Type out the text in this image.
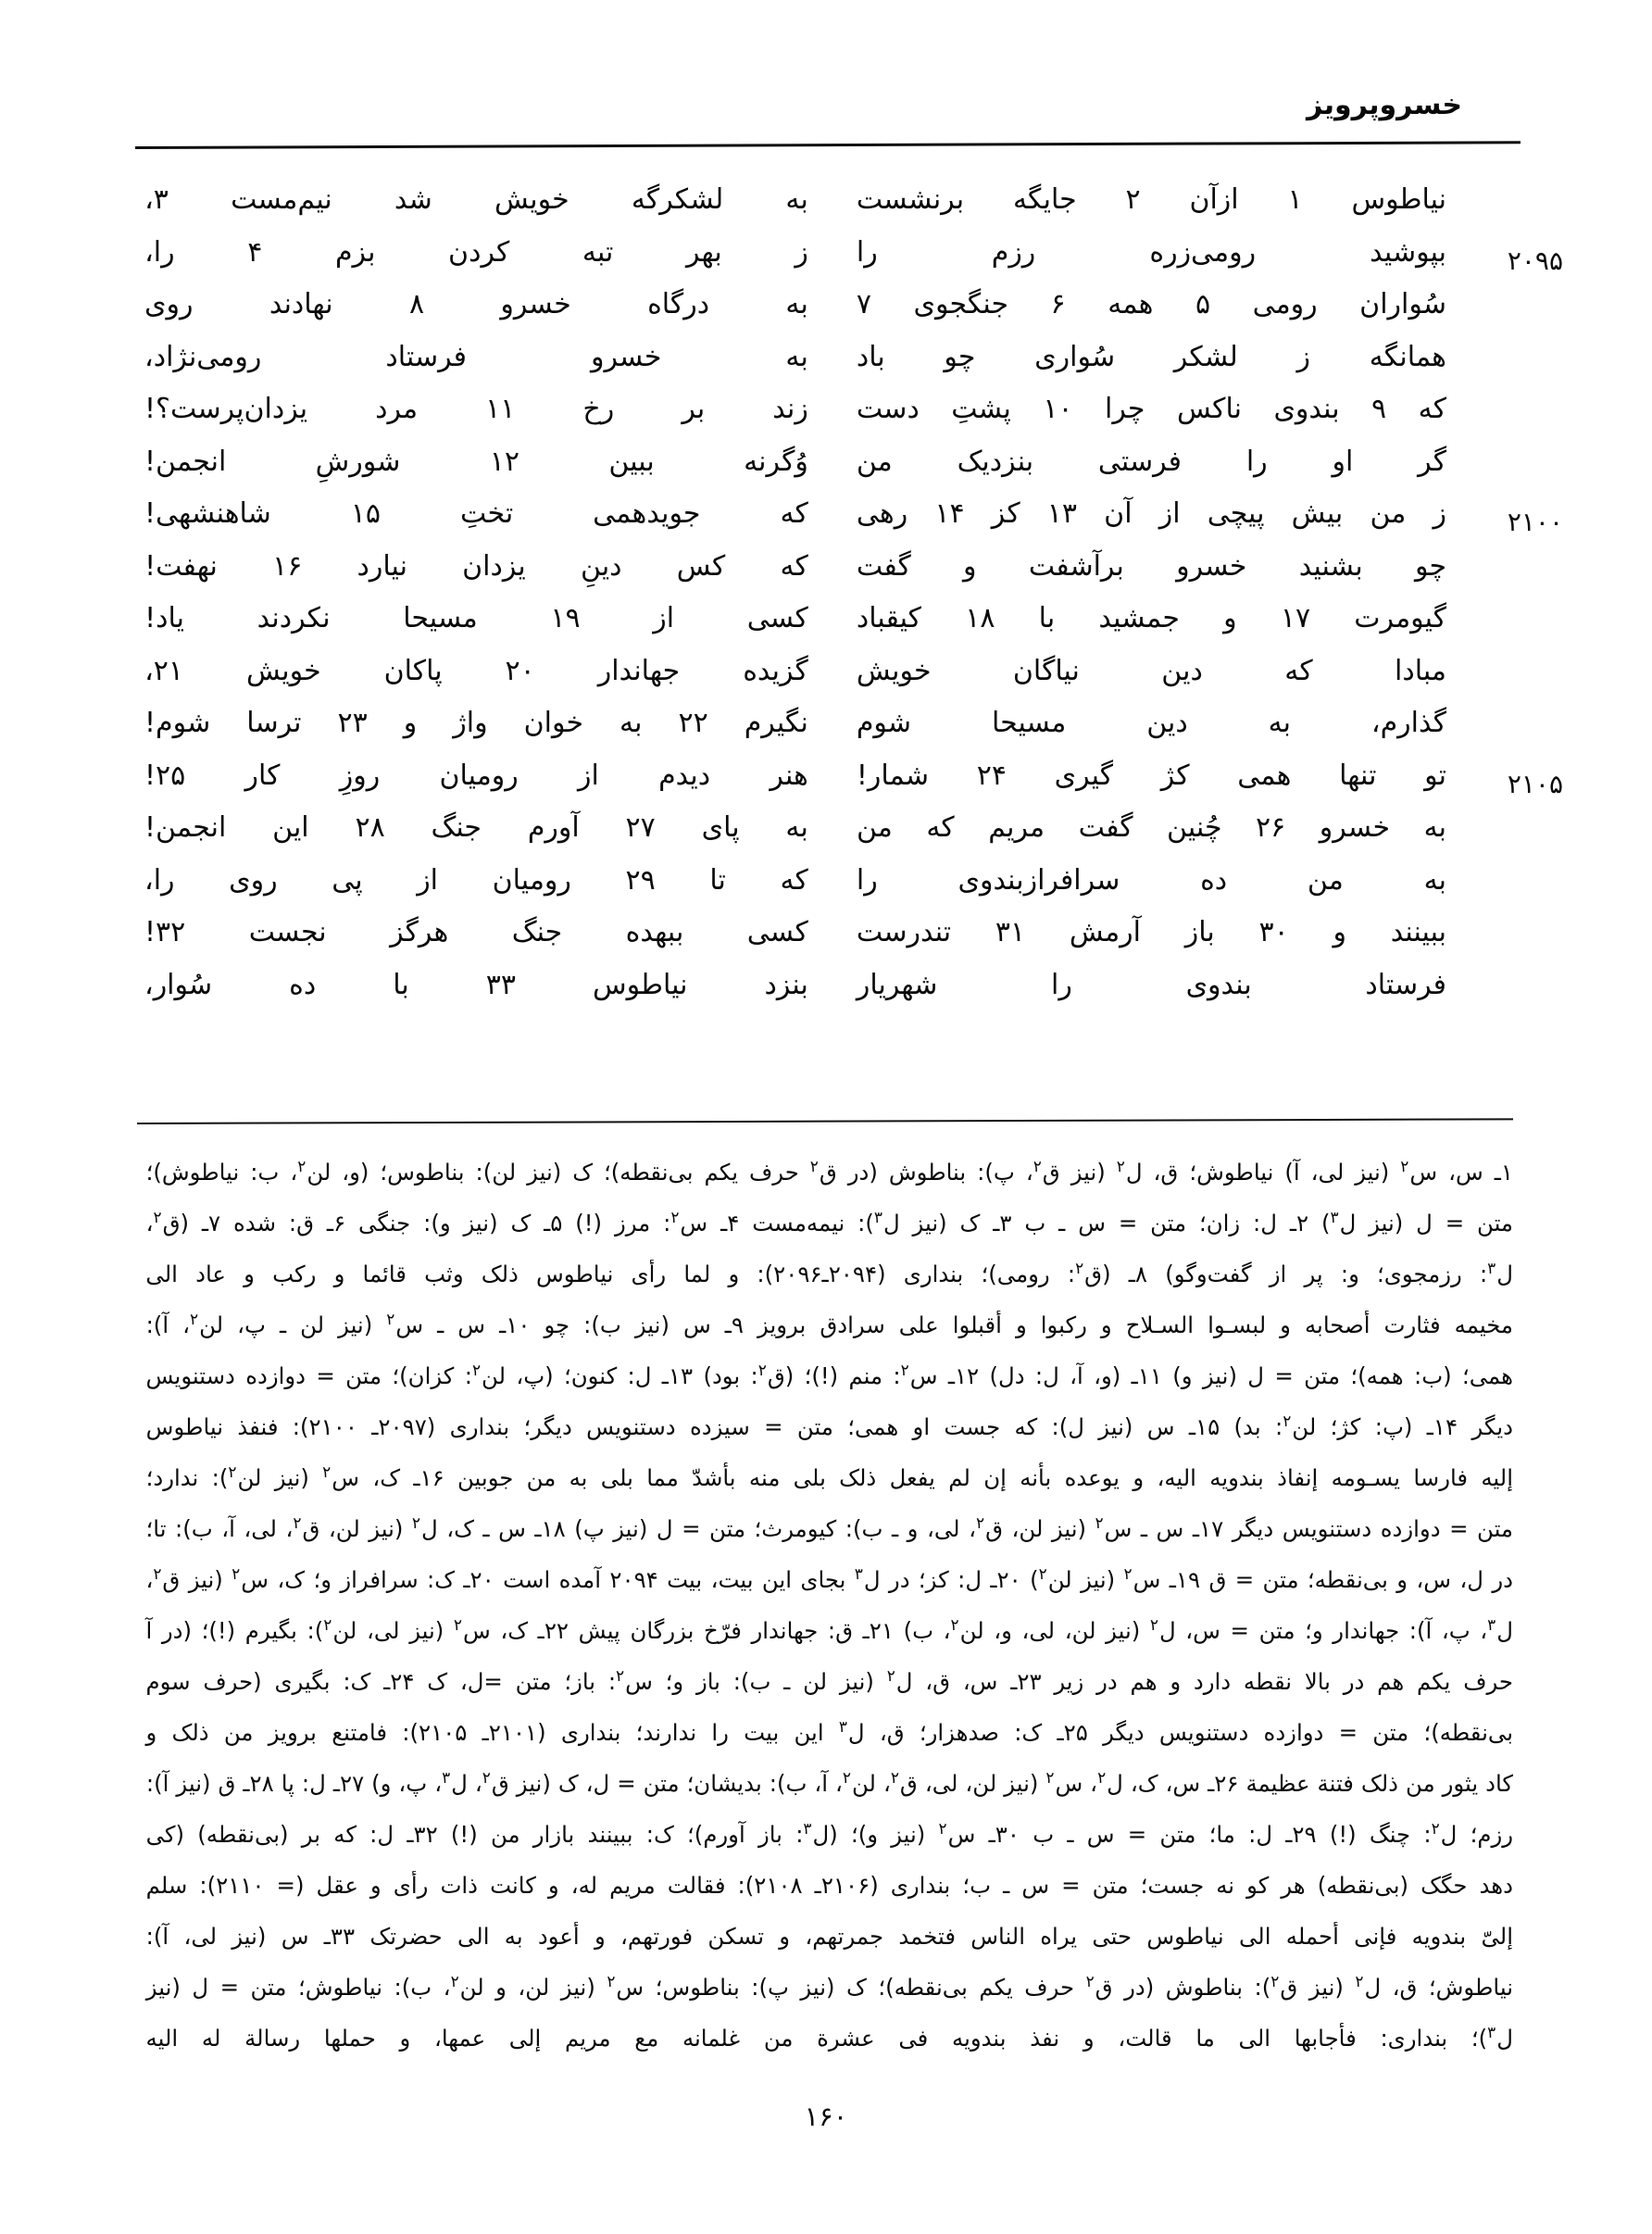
خسروپرویز
نیاطوس
۱
ازآن
۲
جایگه
برنشست
به
لشکرگه
خویش
شد
نیم‌مست
۳،
۲۰۹۵
بپوشید
رومی‌زره
رزم
را
ز
بهر
تبه
کردن
بزم
۴
را،
سُواران
رومی
۵
همه
۶
جنگجوی
۷
به
درگاه
خسرو
۸
نهادند
روی
همانگه
ز
لشکر
سُواری
چو
باد
به
خسرو
فرستاد
رومی‌نژاد،
که
۹
بندوی
ناکس
چرا
۱۰
پشتِ
دست
زند
بر
رخ
۱۱
مرد
یزدان‌پرست؟!
گر
او
را
فرستی
بنزدیک
من
وُگرنه
ببین
۱۲
شورشِ
انجمن!
۲۱۰۰
ز
من
بیش
پیچی
از
آن
۱۳
کز
۱۴
رهی
که
جویدهمی
تختِ
۱۵
شاهنشهی!
چو
بشنید
خسرو
برآشفت
و
گفت
که
کس
دینِ
یزدان
نیارد
۱۶
نهفت!
گیومرت
۱۷
و
جمشید
با
۱۸
کیقباد
کسی
از
۱۹
مسیحا
نکردند
یاد!
مبادا
که
دین
نیاگان
خویش
گزیده
جهاندار
۲۰
پاکان
خویش
۲۱،
گذارم،
به
دین
مسیحا
شوم
نگیرم
۲۲
به
خوان
واژ
و
۲۳
ترسا
شوم!
۲۱۰۵
تو
تنها
همی
کژ
گیری
۲۴
شمار!
هنر
دیدم
از
رومیان
روزِ
کار
۲۵!
به
خسرو
۲۶
چُنین
گفت
مریم
که
من
به
پای
۲۷
آورم
جنگ
۲۸
این
انجمن!
به
من
ده
سرافرازبندوی
را
که
تا
۲۹
رومیان
از
پی
روی
را،
ببینند
و
۳۰
باز
آرمش
۳۱
تندرست
کسی
ببهده
جنگ
هرگز
نجست
۳۲!
فرستاد
بندوی
را
شهریار
بنزد
نیاطوس
۳۳
با
ده
سُوار،
۱ـ
س،
س$^۲$
(نیز
لی،
آ)
نیاطوش؛
ق،
ل$^۲$
(نیز
ق$^۲$،
پ):
بناطوش
(در
ق$^۲$
حرف
یکم
بی‌نقطه)؛
ک
(نیز
لن):
بناطوس؛
(و،
لن$^۲$،
ب:
نیاطوش)؛
متن
=
ل
(نیز
ل$^۳$)
۲ـ
ل:
زان؛
متن
=
س
ـ
ب
۳ـ
ک
(نیز
ل$^۳$):
نیمه‌مست
۴ـ
س$^۲$:
مرز
(!)
۵ـ
ک
(نیز
و):
جنگی
۶ـ
ق:
شده
۷ـ
(ق$^۲$،
ل$^۳$:
رزمجوی؛
و:
پر
از
گفت‌وگو)
۸ـ
(ق$^۲$:
رومی)؛
بنداری
(۲۰۹۴ـ۲۰۹۶):
و
لما
رأی
نیاطوس
ذلک
وثب
قائما
و
رکب
و
عاد
الی
مخیمه
فثارت
أصحابه
و
لبسـوا
السـلاح
و
رکبوا
و
أقبلوا
علی
سرادق
برویز
۹ـ
س
(نیز
ب):
چو
۱۰ـ
س
ـ
س$^۲$
(نیز
لن
ـ
پ،
لن$^۲$،
آ):
همی؛
(ب:
همه)؛
متن
=
ل
(نیز
و)
۱۱ـ
(و،
آ،
ل:
دل)
۱۲ـ
س$^۲$:
منم
(!)؛
(ق$^۲$:
بود)
۱۳ـ
ل:
کنون؛
(پ،
لن$^۲$:
کزان)؛
متن
=
دوازده
دستنویس
دیگر
۱۴ـ
(پ:
کژ؛
لن$^۲$:
بد)
۱۵ـ
س
(نیز
ل):
که
جست
او
همی؛
متن
=
سیزده
دستنویس
دیگر؛
بنداری
(۲۰۹۷ـ
۲۱۰۰):
فنفذ
نیاطوس
إلیه
فارسا
یسـومه
إنفاذ
بندویه
الیه،
و
یوعده
بأنه
إن
لم
یفعل
ذلک
بلی
منه
بأشدّ
مما
بلی
به
من
جوبین
۱۶ـ
ک،
س$^۲$
(نیز
لن$^۲$):
ندارد؛
متن
=
دوازده
دستنویس
دیگر
۱۷ـ
س
ـ
س$^۲$
(نیز
لن،
ق$^۲$،
لی،
و
ـ
ب):
کیومرث؛
متن
=
ل
(نیز
پ)
۱۸ـ
س
ـ
ک،
ل$^۲$
(نیز
لن،
ق$^۲$،
لی،
آ،
ب):
تا؛
در
ل،
س،
و
بی‌نقطه؛
متن
=
ق
۱۹ـ
س$^۲$
(نیز
لن$^۲$)
۲۰ـ
ل:
کز؛
در
ل$^۳$
بجای
این
بیت،
بیت
۲۰۹۴
آمده
است
۲۰ـ
ک:
سرافراز
و؛
ک،
س$^۲$
(نیز
ق$^۲$،
ل$^۳$،
پ،
آ):
جهاندار
و؛
متن
=
س،
ل$^۲$
(نیز
لن،
لی،
و،
لن$^۲$،
ب)
۲۱ـ
ق:
جهاندار
فرّخ
بزرگان
پیش
۲۲ـ
ک،
س$^۲$
(نیز
لی،
لن$^۲$):
بگیرم
(!)؛
(در
آ
حرف
یکم
هم
در
بالا
نقطه
دارد
و
هم
در
زیر
۲۳ـ
س،
ق،
ل$^۲$
(نیز
لن
ـ
ب):
باز
و؛
س$^۲$:
باز؛
متن
=ل،
ک
۲۴ـ
ک:
بگیری
(حرف
سوم
بی‌نقطه)؛
متن
=
دوازده
دستنویس
دیگر
۲۵ـ
ک:
صدهزار؛
ق،
ل$^۳$
این
بیت
را
ندارند؛
بنداری
(۲۱۰۱ـ
۲۱۰۵):
فامتنع
برویز
من
ذلک
و
کاد
یثور
من
ذلک
فتنة
عظیمة
۲۶ـ
س،
ک،
ل$^۲$،
س$^۲$
(نیز
لن،
لی،
ق$^۲$،
لن$^۲$،
آ،
ب):
بدیشان؛
متن
=
ل،
ک
(نیز
ق$^۲$،
ل$^۳$،
پ،
و)
۲۷ـ
ل:
پا
۲۸ـ
ق
(نیز
آ):
رزم؛
ل$^۲$:
چنگ
(!)
۲۹ـ
ل:
ما؛
متن
=
س
ـ
ب
۳۰ـ
س$^۲$
(نیز
و)؛
(ل$^۳$:
باز
آورم)؛
ک:
ببینند
بازار
من
(!)
۳۲ـ
ل:
که
بر
(بی‌نقطه)
(کی
دهد
حگک
(بی‌نقطه)
هر
کو
نه
جست؛
متن
=
س
ـ
ب؛
بنداری
(۲۱۰۶ـ
۲۱۰۸):
فقالت
مریم
له،
و
کانت
ذات
رأی
و
عقل
(=
۲۱۱۰):
سلم
إلیّ
بندویه
فإنی
أحمله
الی
نیاطوس
حتی
یراه
الناس
فتخمد
جمرتهم،
و
تسکن
فورتهم،
و
أعود
به
الی
حضرتک
۳۳ـ
س
(نیز
لی،
آ):
نیاطوش؛
ق،
ل$^۲$
(نیز
ق$^۲$):
بناطوش
(در
ق$^۲$
حرف
یکم
بی‌نقطه)؛
ک
(نیز
پ):
بناطوس؛
س$^۲$
(نیز
لن،
و
لن$^۲$،
ب):
نیاطوش؛
متن
=
ل
(نیز
ل$^۳$)؛
بنداری:
فأجابها
الی
ما
قالت،
و
نفذ
بندویه
فی
عشرة
من
غلمانه
مع
مریم
إلی
عمها،
و
حملها
رسالة
له
الیه
۱۶۰
